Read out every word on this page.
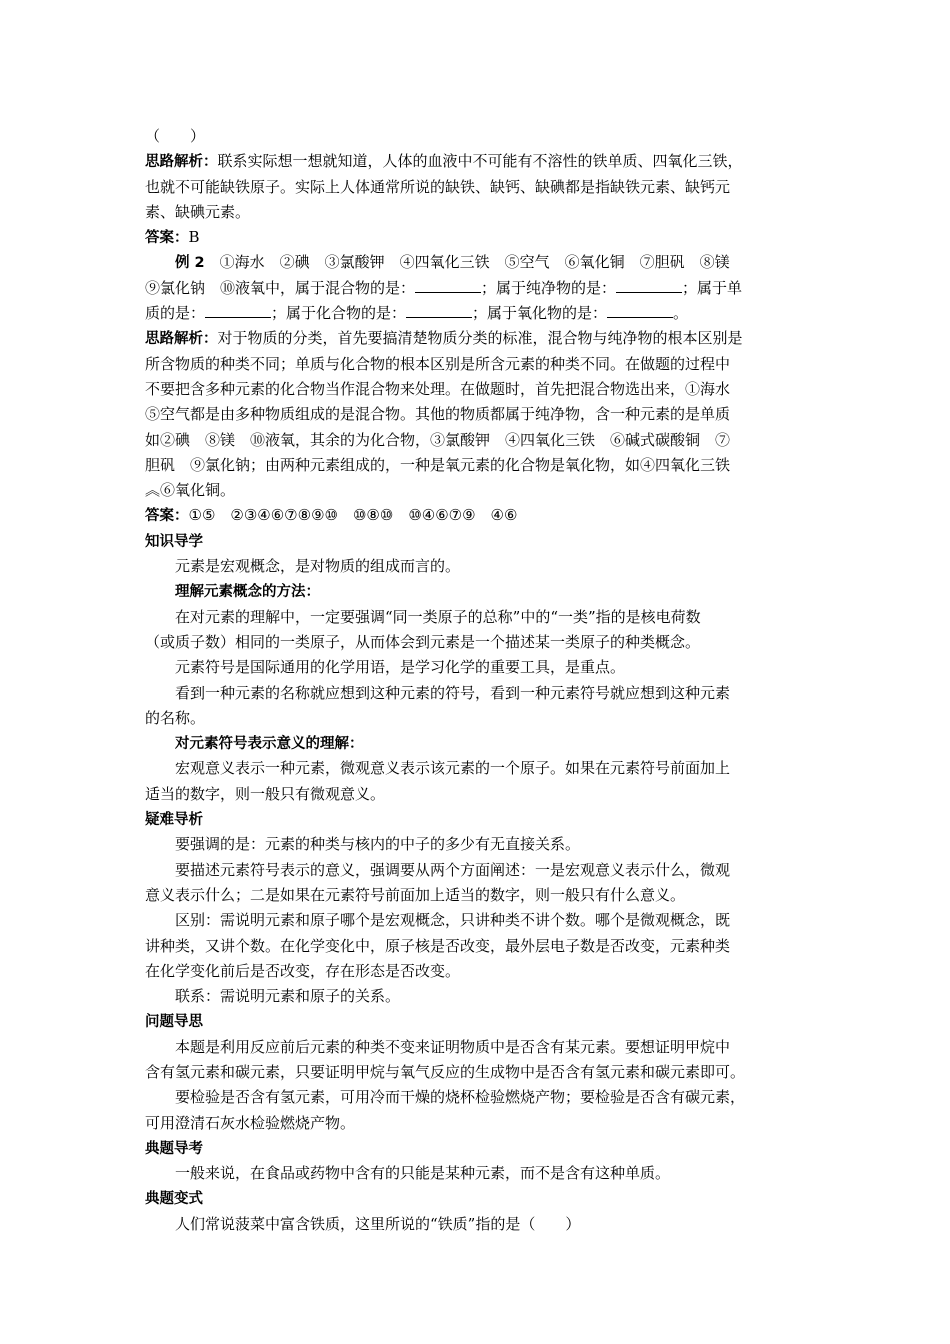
（　　）
思路解析：联系实际想一想就知道，人体的血液中不可能有不溶性的铁单质、四氧化三铁，
也就不可能缺铁原子。实际上人体通常所说的缺铁、缺钙、缺碘都是指缺铁元素、缺钙元
素、缺碘元素。
答案：B
例 2　①海水　②碘　③氯酸钾　④四氧化三铁　⑤空气　⑥氧化铜　⑦胆矾　⑧镁
⑨氯化钠　⑩液氧中，属于混合物的是：	；属于纯净物的是：	；属于单
质的是：	；属于化合物的是：	；属于氧化物的是：	。
思路解析：对于物质的分类，首先要搞清楚物质分类的标准，混合物与纯净物的根本区别是
所含物质的种类不同；单质与化合物的根本区别是所含元素的种类不同。在做题的过程中
不要把含多种元素的化合物当作混合物来处理。在做题时，首先把混合物选出来，①海水
⑤空气都是由多种物质组成的是混合物。其他的物质都属于纯净物，含一种元素的是单质
如②碘　⑧镁　⑩液氧，其余的为化合物，③氯酸钾　④四氧化三铁　⑥碱式碳酸铜　⑦
胆矾　⑨氯化钠；由两种元素组成的，一种是氧元素的化合物是氧化物，如④四氧化三铁
︽⑥氧化铜。
答案：①⑤　②③④⑥⑦⑧⑨⑩　⑩⑧⑩　⑩④⑥⑦⑨　④⑥
知识导学
元素是宏观概念，是对物质的组成而言的。
理解元素概念的方法：
在对元素的理解中，一定要强调“同一类原子的总称”中的“一类”指的是核电荷数
（或质子数）相同的一类原子，从而体会到元素是一个描述某一类原子的种类概念。
元素符号是国际通用的化学用语，是学习化学的重要工具，是重点。
看到一种元素的名称就应想到这种元素的符号，看到一种元素符号就应想到这种元素
的名称。
对元素符号表示意义的理解：
宏观意义表示一种元素，微观意义表示该元素的一个原子。如果在元素符号前面加上
适当的数字，则一般只有微观意义。
疑难导析
要强调的是：元素的种类与核内的中子的多少有无直接关系。
要描述元素符号表示的意义，强调要从两个方面阐述：一是宏观意义表示什么，微观
意义表示什么；二是如果在元素符号前面加上适当的数字，则一般只有什么意义。
区别：需说明元素和原子哪个是宏观概念，只讲种类不讲个数。哪个是微观概念，既
讲种类，又讲个数。在化学变化中，原子核是否改变，最外层电子数是否改变，元素种类
在化学变化前后是否改变，存在形态是否改变。
联系：需说明元素和原子的关系。
问题导思
本题是利用反应前后元素的种类不变来证明物质中是否含有某元素。要想证明甲烷中
含有氢元素和碳元素，只要证明甲烷与氧气反应的生成物中是否含有氢元素和碳元素即可。
要检验是否含有氢元素，可用冷而干燥的烧杯检验燃烧产物；要检验是否含有碳元素，
可用澄清石灰水检验燃烧产物。
典题导考
一般来说，在食品或药物中含有的只能是某种元素，而不是含有这种单质。
典题变式
人们常说菠菜中富含铁质，这里所说的“铁质”指的是（　　）
